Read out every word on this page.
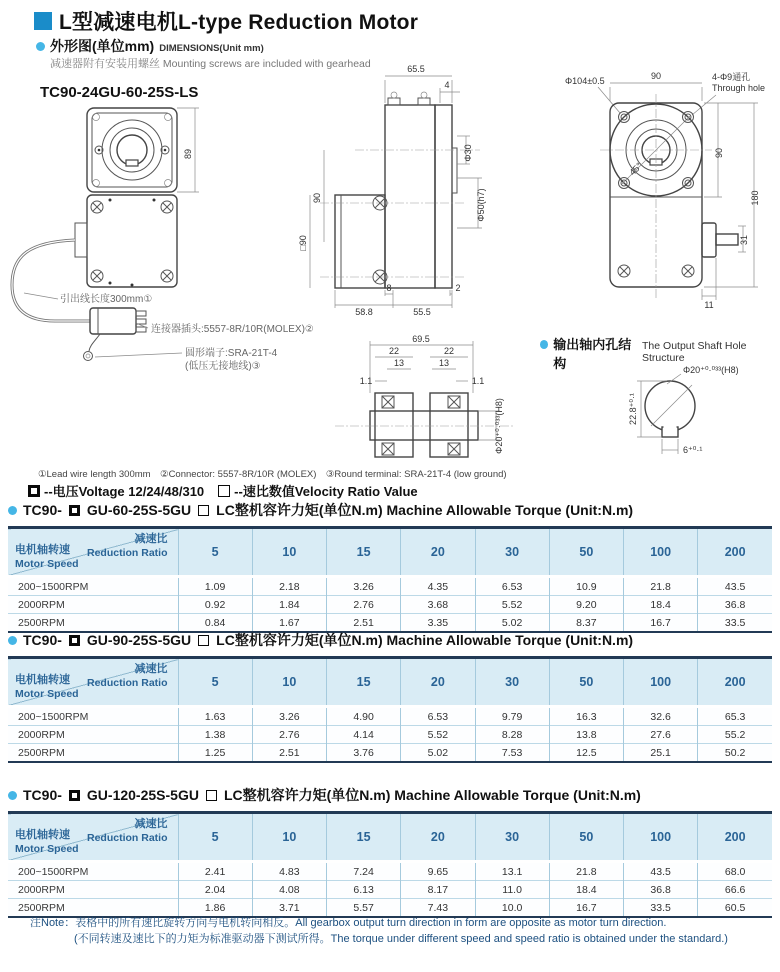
L型减速电机L-type Reduction Motor
外形图(单位mm) DIMENSIONS(Unit mm)
减速器附有安装用螺丝 Mounting screws are included with gearhead
TC90-24GU-60-25S-LS
89
引出线长度300mm①
连接器插头:5557-8R/10R(MOLEX)②
圆形端子:SRA-21T-4
(低压无接地线)③
65.5
4
Φ30
Φ50(h7)
90
□90
8	2
58.8	55.5
Φ104±0.5	90	4-Φ9通孔
Through hole
45°
90
180
31
11
69.5
22	22
13	13
1.1	1.1
Φ20⁺⁰·⁰³³(H8)
输出轴内孔结构
The Output Shaft Hole Structure
Φ20⁺⁰·⁰³³(H8)
22.8⁺⁰·¹
6⁺⁰·¹
①Lead wire length 300mm　②Connector: 5557-8R/10R (MOLEX)　③Round terminal: SRA-21T-4 (low ground)
--电压Voltage 12/24/48/310 --速比数值Velocity Ratio Value
TC90- GU-60-25S-5GU LC整机容许力矩(单位N.m) Machine Allowable Torque (Unit:N.m)
减速比
Reduction Ratio
电机轴转速
Motor Speed	5	10	15	20	30	50	100	200
200~1500RPM	1.09	2.18	3.26	4.35	6.53	10.9	21.8	43.5
2000RPM	0.92	1.84	2.76	3.68	5.52	9.20	18.4	36.8
2500RPM	0.84	1.67	2.51	3.35	5.02	8.37	16.7	33.5
TC90- GU-90-25S-5GU LC整机容许力矩(单位N.m) Machine Allowable Torque (Unit:N.m)
减速比
Reduction Ratio
电机轴转速
Motor Speed	5	10	15	20	30	50	100	200
200~1500RPM	1.63	3.26	4.90	6.53	9.79	16.3	32.6	65.3
2000RPM	1.38	2.76	4.14	5.52	8.28	13.8	27.6	55.2
2500RPM	1.25	2.51	3.76	5.02	7.53	12.5	25.1	50.2
TC90- GU-120-25S-5GU LC整机容许力矩(单位N.m) Machine Allowable Torque (Unit:N.m)
减速比
Reduction Ratio
电机轴转速
Motor Speed	5	10	15	20	30	50	100	200
200~1500RPM	2.41	4.83	7.24	9.65	13.1	21.8	43.5	68.0
2000RPM	2.04	4.08	6.13	8.17	11.0	18.4	36.8	66.6
2500RPM	1.86	3.71	5.57	7.43	10.0	16.7	33.5	60.5
注Note：表格中的所有速比旋转方向与电机转向相反。All gearbox output turn direction in form are opposite as motor turn direction.
(不同转速及速比下的力矩为标准驱动器下测试所得。The torque under different speed and speed ratio is obtained under the standard.)
